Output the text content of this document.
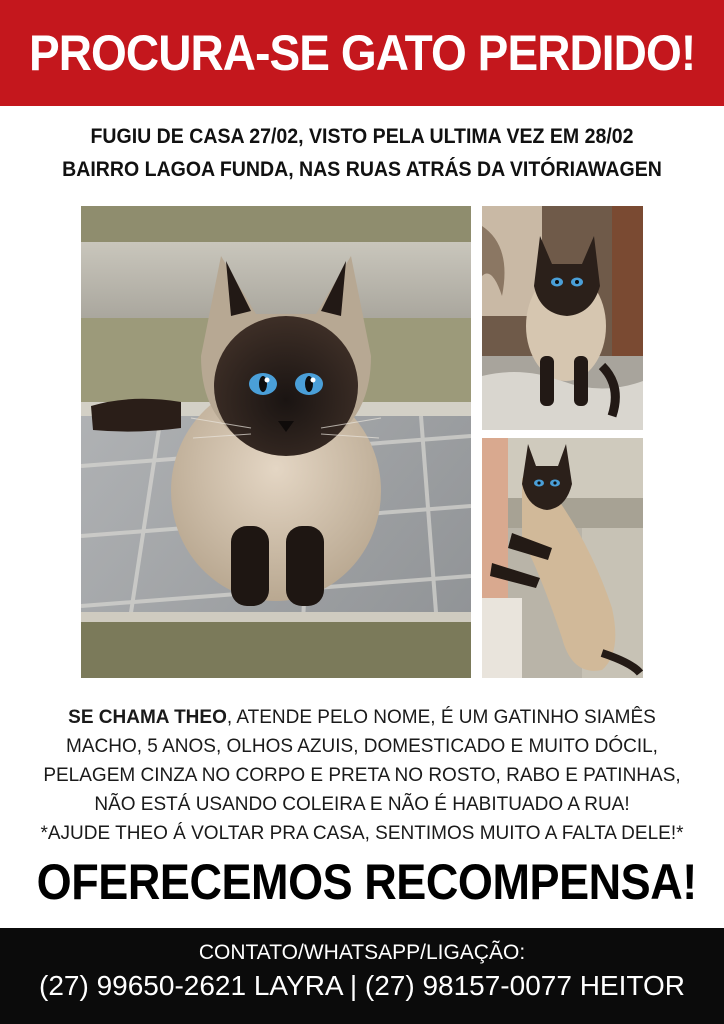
PROCURA-SE GATO PERDIDO!
FUGIU DE CASA 27/02, VISTO PELA ULTIMA VEZ EM 28/02
BAIRRO LAGOA FUNDA, NAS RUAS ATRÁS DA VITÓRIAWAGEN
SE CHAMA THEO, ATENDE PELO NOME, É UM GATINHO SIAMÊS
MACHO, 5 ANOS, OLHOS AZUIS, DOMESTICADO E MUITO DÓCIL,
PELAGEM CINZA NO CORPO E PRETA NO ROSTO, RABO E PATINHAS,
NÃO ESTÁ USANDO COLEIRA E NÃO É HABITUADO A RUA!
*AJUDE THEO Á VOLTAR PRA CASA, SENTIMOS MUITO A FALTA DELE!*
OFERECEMOS RECOMPENSA!
CONTATO/WHATSAPP/LIGAÇÃO:
(27) 99650-2621 LAYRA | (27) 98157-0077 HEITOR
